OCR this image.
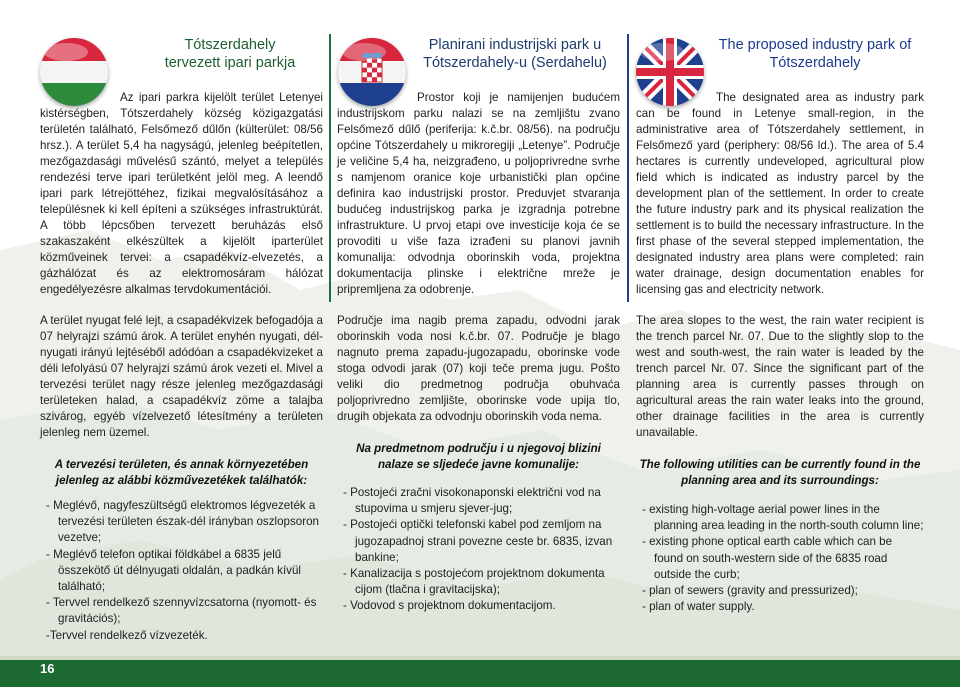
Tótszerdahely
tervezett ipari parkja
Planirani industrijski park u
Tótszerdahely-u (Serdahelu)
The proposed industry park of
Tótszerdahely
Az ipari parkra kijelölt terület Letenyei kistérségben, Tótszerdahely község közigazgatási területén található, Felsőmező dűlőn (külterület: 08/56 hrsz.). A terület 5,4 ha nagyságú, jelenleg beépítetlen, mezőgazdasági művelésű szántó, melyet a település rendezési terve ipari területként jelöl meg. A leendő ipari park létrejöttéhez, fizikai megvalósításához a településnek ki kell építeni a szükséges infrastruktúrát. A több lépcsőben tervezett beruházás első szakaszaként elkészültek a kijelölt iparterület közműveinek tervei: a csapadékvíz-elvezetés, a gázhálózat és az elektromosáram hálózat engedélyezésre alkalmas tervdokumentációi.
A terület nyugat felé lejt, a csapadékvizek befogadója a 07 helyrajzi számú árok. A terület enyhén nyugati, dél-nyugati irányú lejtéséből adódóan a csapadékvizeket a déli lefolyású 07 helyrajzi számú árok vezeti el. Mivel a tervezési terület nagy része jelenleg mezőgazdasági területeken halad, a csapadékvíz zöme a talajba szivárog, egyéb vízelvezető létesítmény a területen jelenleg nem üzemel.
A tervezési területen, és annak környezetében jelenleg az alábbi közművezetékek találhatók:
- Meglévő, nagyfeszültségű elektromos légvezeték a tervezési területen észak-dél irányban oszlopsoron vezetve;
- Meglévő telefon optikai földkábel a 6835 jelű összekötő út délnyugati oldalán, a padkán kívül található;
- Tervvel rendelkező szennyvízcsatorna (nyomott- és gravitációs);
-Tervvel rendelkező vízvezeték.
Prostor koji je namijenjen budućem industrijskom parku nalazi se na zemljištu zvano Felsőmező dűlő (periferija: k.č.br. 08/56). na području općine Tótszerdahely u mikroregiji „Letenye”. Područje je veličine 5,4 ha, neizgrađeno, u poljoprivredne svrhe s namjenom oranice koje urbanistički plan općine definira kao industrijski prostor. Preduvjet stvaranja budućeg industrijskog parka je izgradnja potrebne infrastrukture. U prvoj etapi ove investicije koja će se provoditi u više faza izrađeni su planovi javnih komunalija: odvodnja oborinskih voda, projektna dokumentacija plinske i električne mreže je pripremljena za odobrenje.
Područje ima nagib prema zapadu, odvodni jarak oborinskih voda nosi k.č.br. 07. Područje je blago nagnuto prema zapadu-jugozapadu, oborinske vode stoga odvodi jarak (07) koji teče prema jugu. Pošto veliki dio predmetnog područja obuhvaća poljoprivredno zemljište, oborinske vode upija tlo, drugih objekata za odvodnju oborinskih voda nema.
Na predmetnom području i u njegovoj blizini nalaze se sljedeće javne komunalije:
- Postojeći zračni visokonaponski električni vod na stupovima u smjeru sjever-jug;
- Postojeći optički telefonski kabel pod zemljom na jugozapadnoj strani povezne ceste br. 6835, izvan bankine;
- Kanalizacija s postojećom projektnom dokumenta cijom (tlačna i gravitacijska);
- Vodovod s projektnom dokumentacijom.
The designated area as industry park can be found in Letenye small-region, in the administrative area of Tótszerdahely settlement, in Felsőmező yard (periphery: 08/56 ld.). The area of 5.4 hectares is currently undeveloped, agricultural plow field which is indicated as industry parcel by the development plan of the settlement. In order to create the future industry park and its physical realization the settlement is to build the necessary infrastructure. In the first phase of the several stepped implementation, the designated industry area plans were completed: rain water drainage, design documentation enables for licensing gas and electricity network.
The area slopes to the west, the rain water recipient is the trench parcel Nr. 07. Due to the slightly slop to the west and south-west, the rain water is leaded by the trench parcel Nr. 07. Since the significant part of the planning area is currently passes through on agricultural areas the rain water leaks into the ground, other drainage facilities in the area is currently unavailable.
The following utilities can be currently found in the planning area and its surroundings:
- existing high-voltage aerial power lines in the planning area leading in the north-south column line;
- existing phone optical earth cable which can be found on south-western side of the 6835 road outside the curb;
- plan of sewers (gravity and pressurized);
- plan of water supply.
16
